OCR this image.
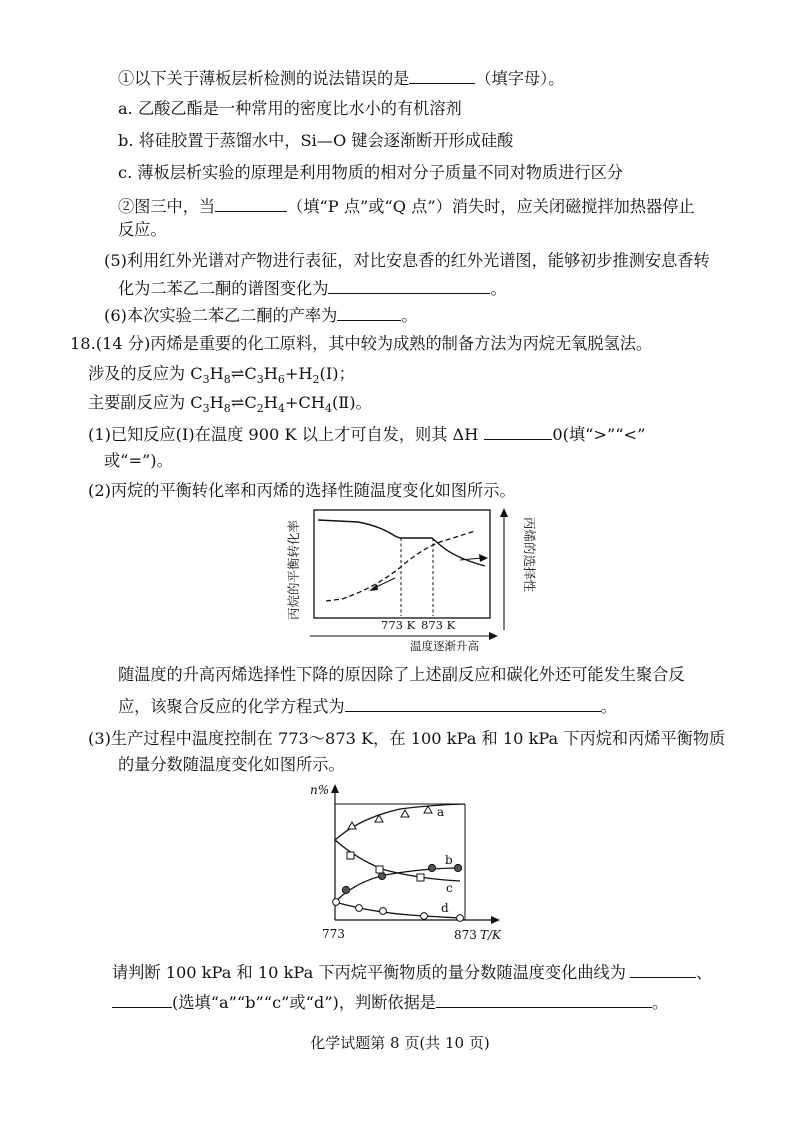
①以下关于薄板层析检测的说法错误的是	（填字母）。
a. 乙酸乙酯是一种常用的密度比水小的有机溶剂
b. 将硅胶置于蒸馏水中，Si—O 键会逐渐断开形成硅酸
c. 薄板层析实验的原理是利用物质的相对分子质量不同对物质进行区分
②图三中，当	（填“P 点”或“Q 点”）消失时，应关闭磁搅拌加热器停止
反应。
(5)利用红外光谱对产物进行表征，对比安息香的红外光谱图，能够初步推测安息香转
化为二苯乙二酮的谱图变化为	。
(6)本次实验二苯乙二酮的产率为	。
18.(14 分)丙烯是重要的化工原料，其中较为成熟的制备方法为丙烷无氧脱氢法。
涉及的反应为 $C_3H_8\rightleftharpoons C_3H_6+H_2(Ⅰ)$；
主要副反应为 $C_3H_8\rightleftharpoons C_2H_4+CH_4(Ⅱ)$。
(1)已知反应(Ⅰ)在温度 900 K 以上才可自发，则其 ΔH	0(填“>”“<”
或“=”)。
(2)丙烷的平衡转化率和丙烯的选择性随温度变化如图所示。
丙烷的平衡转化率	丙烯的选择性
773 K 873 K
温度逐渐升高
随温度的升高丙烯选择性下降的原因除了上述副反应和碳化外还可能发生聚合反
应，该聚合反应的化学方程式为	。
(3)生产过程中温度控制在 773～873 K，在 100 kPa 和 10 kPa 下丙烷和丙烯平衡物质
的量分数随温度变化如图所示。
a
b
c
d
n%
773	873 T/K
请判断 100 kPa 和 10 kPa 下丙烷平衡物质的量分数随温度变化曲线为	、
(选填“a”“b”“c”或“d”)，判断依据是	。
化学试题第 8 页(共 10 页)
